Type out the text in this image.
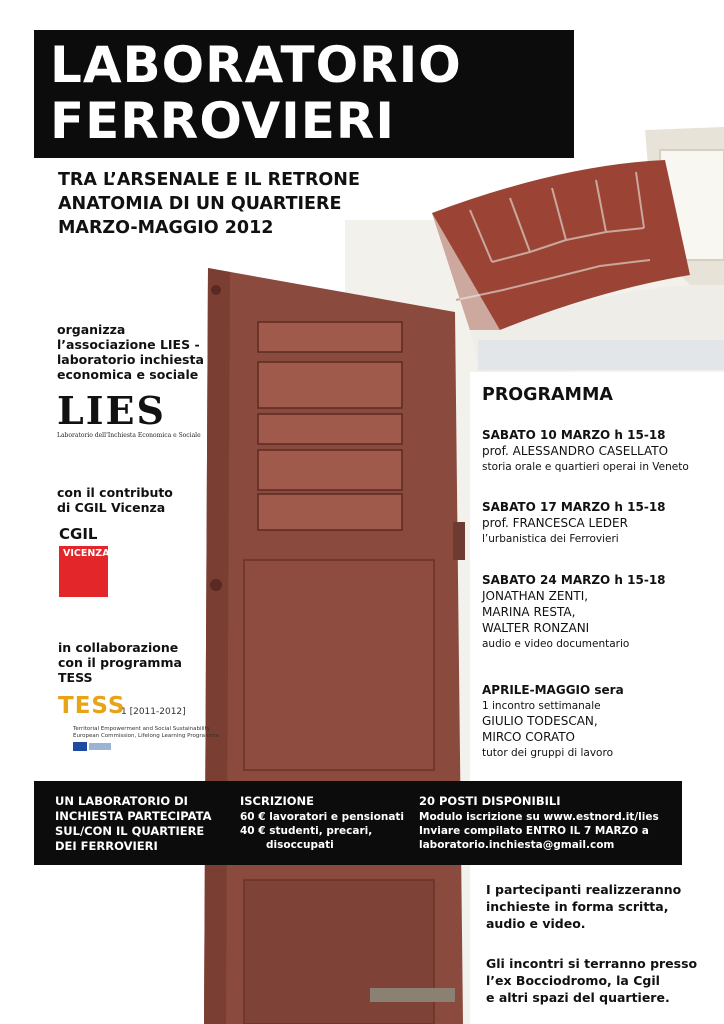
LABORATORIO
FERROVIERI
TRA L’ARSENALE E IL RETRONE
ANATOMIA DI UN QUARTIERE
MARZO-MAGGIO 2012
organizza
l’associazione LIES -
laboratorio inchiesta
economica e sociale
LIES
Laboratorio dell’Inchiesta Economica e Sociale
con il contributo
di CGIL Vicenza
CGIL
VICENZA
in collaborazione
con il programma
TESS
TESS
1 [2011-2012]
Territorial Empowerment and Social Sustainability
European Commission, Lifelong Learning Programme
PROGRAMMA
SABATO 10 MARZO h 15-18
prof. ALESSANDRO CASELLATO
storia orale e quartieri operai in Veneto
SABATO 17 MARZO h 15-18
prof. FRANCESCA LEDER
l’urbanistica dei Ferrovieri
SABATO 24 MARZO h 15-18
JONATHAN ZENTI,
MARINA RESTA,
WALTER RONZANI
audio e video documentario
APRILE-MAGGIO sera
1 incontro settimanale
GIULIO TODESCAN,
MIRCO CORATO
tutor dei gruppi di lavoro
UN LABORATORIO DI
INCHIESTA PARTECIPATA
SUL/CON IL QUARTIERE
DEI FERROVIERI
ISCRIZIONE
60 € lavoratori e pensionati
40 € studenti, precari,
disoccupati
20 POSTI DISPONIBILI
Modulo iscrizione su www.estnord.it/lies
Inviare compilato ENTRO IL 7 MARZO a
laboratorio.inchiesta@gmail.com
I partecipanti realizzeranno
inchieste in forma scritta,
audio e video.
Gli incontri si terranno presso
l’ex Bocciodromo, la Cgil
e altri spazi del quartiere.
